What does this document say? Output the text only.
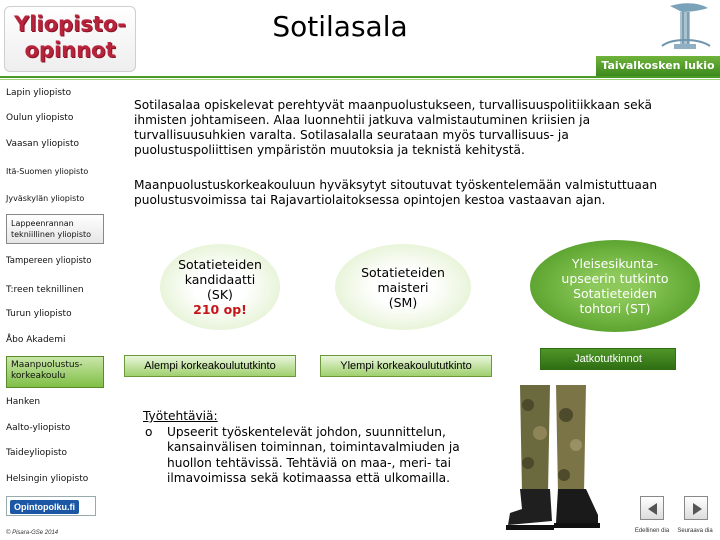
Yliopisto-
opinnot
Sotilasala
Taivalkosken lukio
Lapin yliopisto
Oulun yliopisto
Vaasan yliopisto
Itä-Suomen yliopisto
Jyväskylän yliopisto
Lappeenrannan tekniillinen yliopisto
Tampereen yliopisto
T:reen teknillinen
Turun yliopisto
Åbo Akademi
Maanpuolustus-korkeakoulu
Hanken
Aalto-yliopisto
Taideyliopisto
Helsingin yliopisto
Opintopolku.fi
© Pisara-GSe 2014
Sotilasalaa opiskelevat perehtyvät maanpuolustukseen, turvallisuuspolitiikkaan sekä ihmisten johtamiseen. Alaa luonnehtii jatkuva valmistautuminen kriisien ja turvallisuusuhkien varalta. Sotilasalalla seurataan myös turvallisuus- ja puolustuspoliittisen ympäristön muutoksia ja teknistä kehitystä.
Maanpuolustuskorkeakouluun hyväksytyt sitoutuvat työskentelemään valmistuttuaan puolustusvoimissa tai Rajavartiolaitoksessa opintojen kestoa vastaavan ajan.
Sotatieteiden
kandidaatti
(SK)
210 op!
Sotatieteiden
maisteri
(SM)
Yleisesikunta-
upseerin tutkinto
Sotatieteiden
tohtori (ST)
Alempi korkeakoulututkinto	Ylempi korkeakoulututkinto
Jatkotutkinnot
Työtehtäviä:
o Upseerit työskentelevät johdon, suunnittelun, kansainvälisen toiminnan, toimintavalmiuden ja huollon tehtävissä. Tehtäviä on maa-, meri- tai ilmavoimissa sekä kotimaassa että ulkomailla.
Edellinen dia	Seuraava dia
